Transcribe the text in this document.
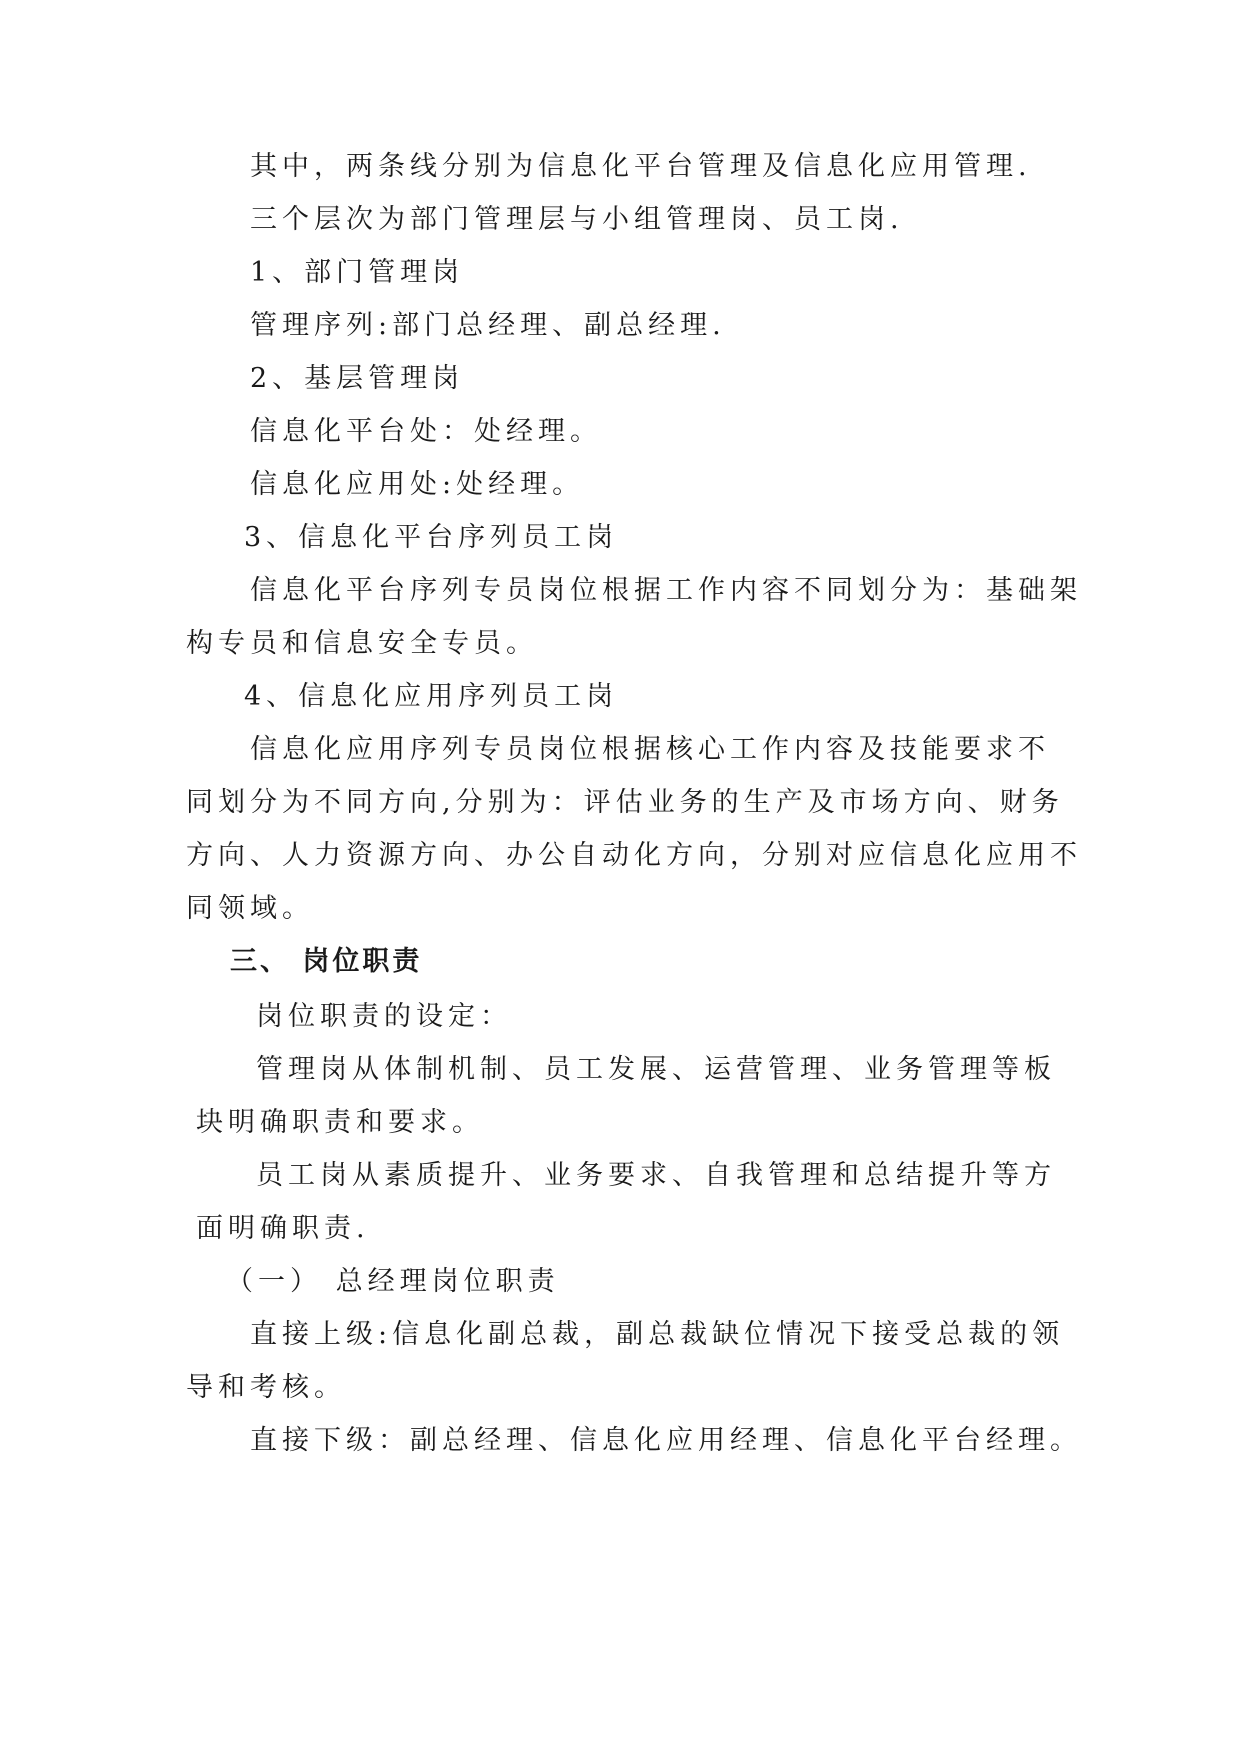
其中，两条线分别为信息化平台管理及信息化应用管理.
三个层次为部门管理层与小组管理岗、员工岗.
1、部门管理岗
管理序列:部门总经理、副总经理.
2、基层管理岗
信息化平台处：处经理。
信息化应用处:处经理。
3、信息化平台序列员工岗
信息化平台序列专员岗位根据工作内容不同划分为：基础架
构专员和信息安全专员。
4、信息化应用序列员工岗
信息化应用序列专员岗位根据核心工作内容及技能要求不
同划分为不同方向,分别为：评估业务的生产及市场方向、财务
方向、人力资源方向、办公自动化方向，分别对应信息化应用不
同领域。
三、 岗位职责
岗位职责的设定：
管理岗从体制机制、员工发展、运营管理、业务管理等板
块明确职责和要求。
员工岗从素质提升、业务要求、自我管理和总结提升等方
面明确职责.
（一） 总经理岗位职责
直接上级:信息化副总裁，副总裁缺位情况下接受总裁的领
导和考核。
直接下级：副总经理、信息化应用经理、信息化平台经理。
